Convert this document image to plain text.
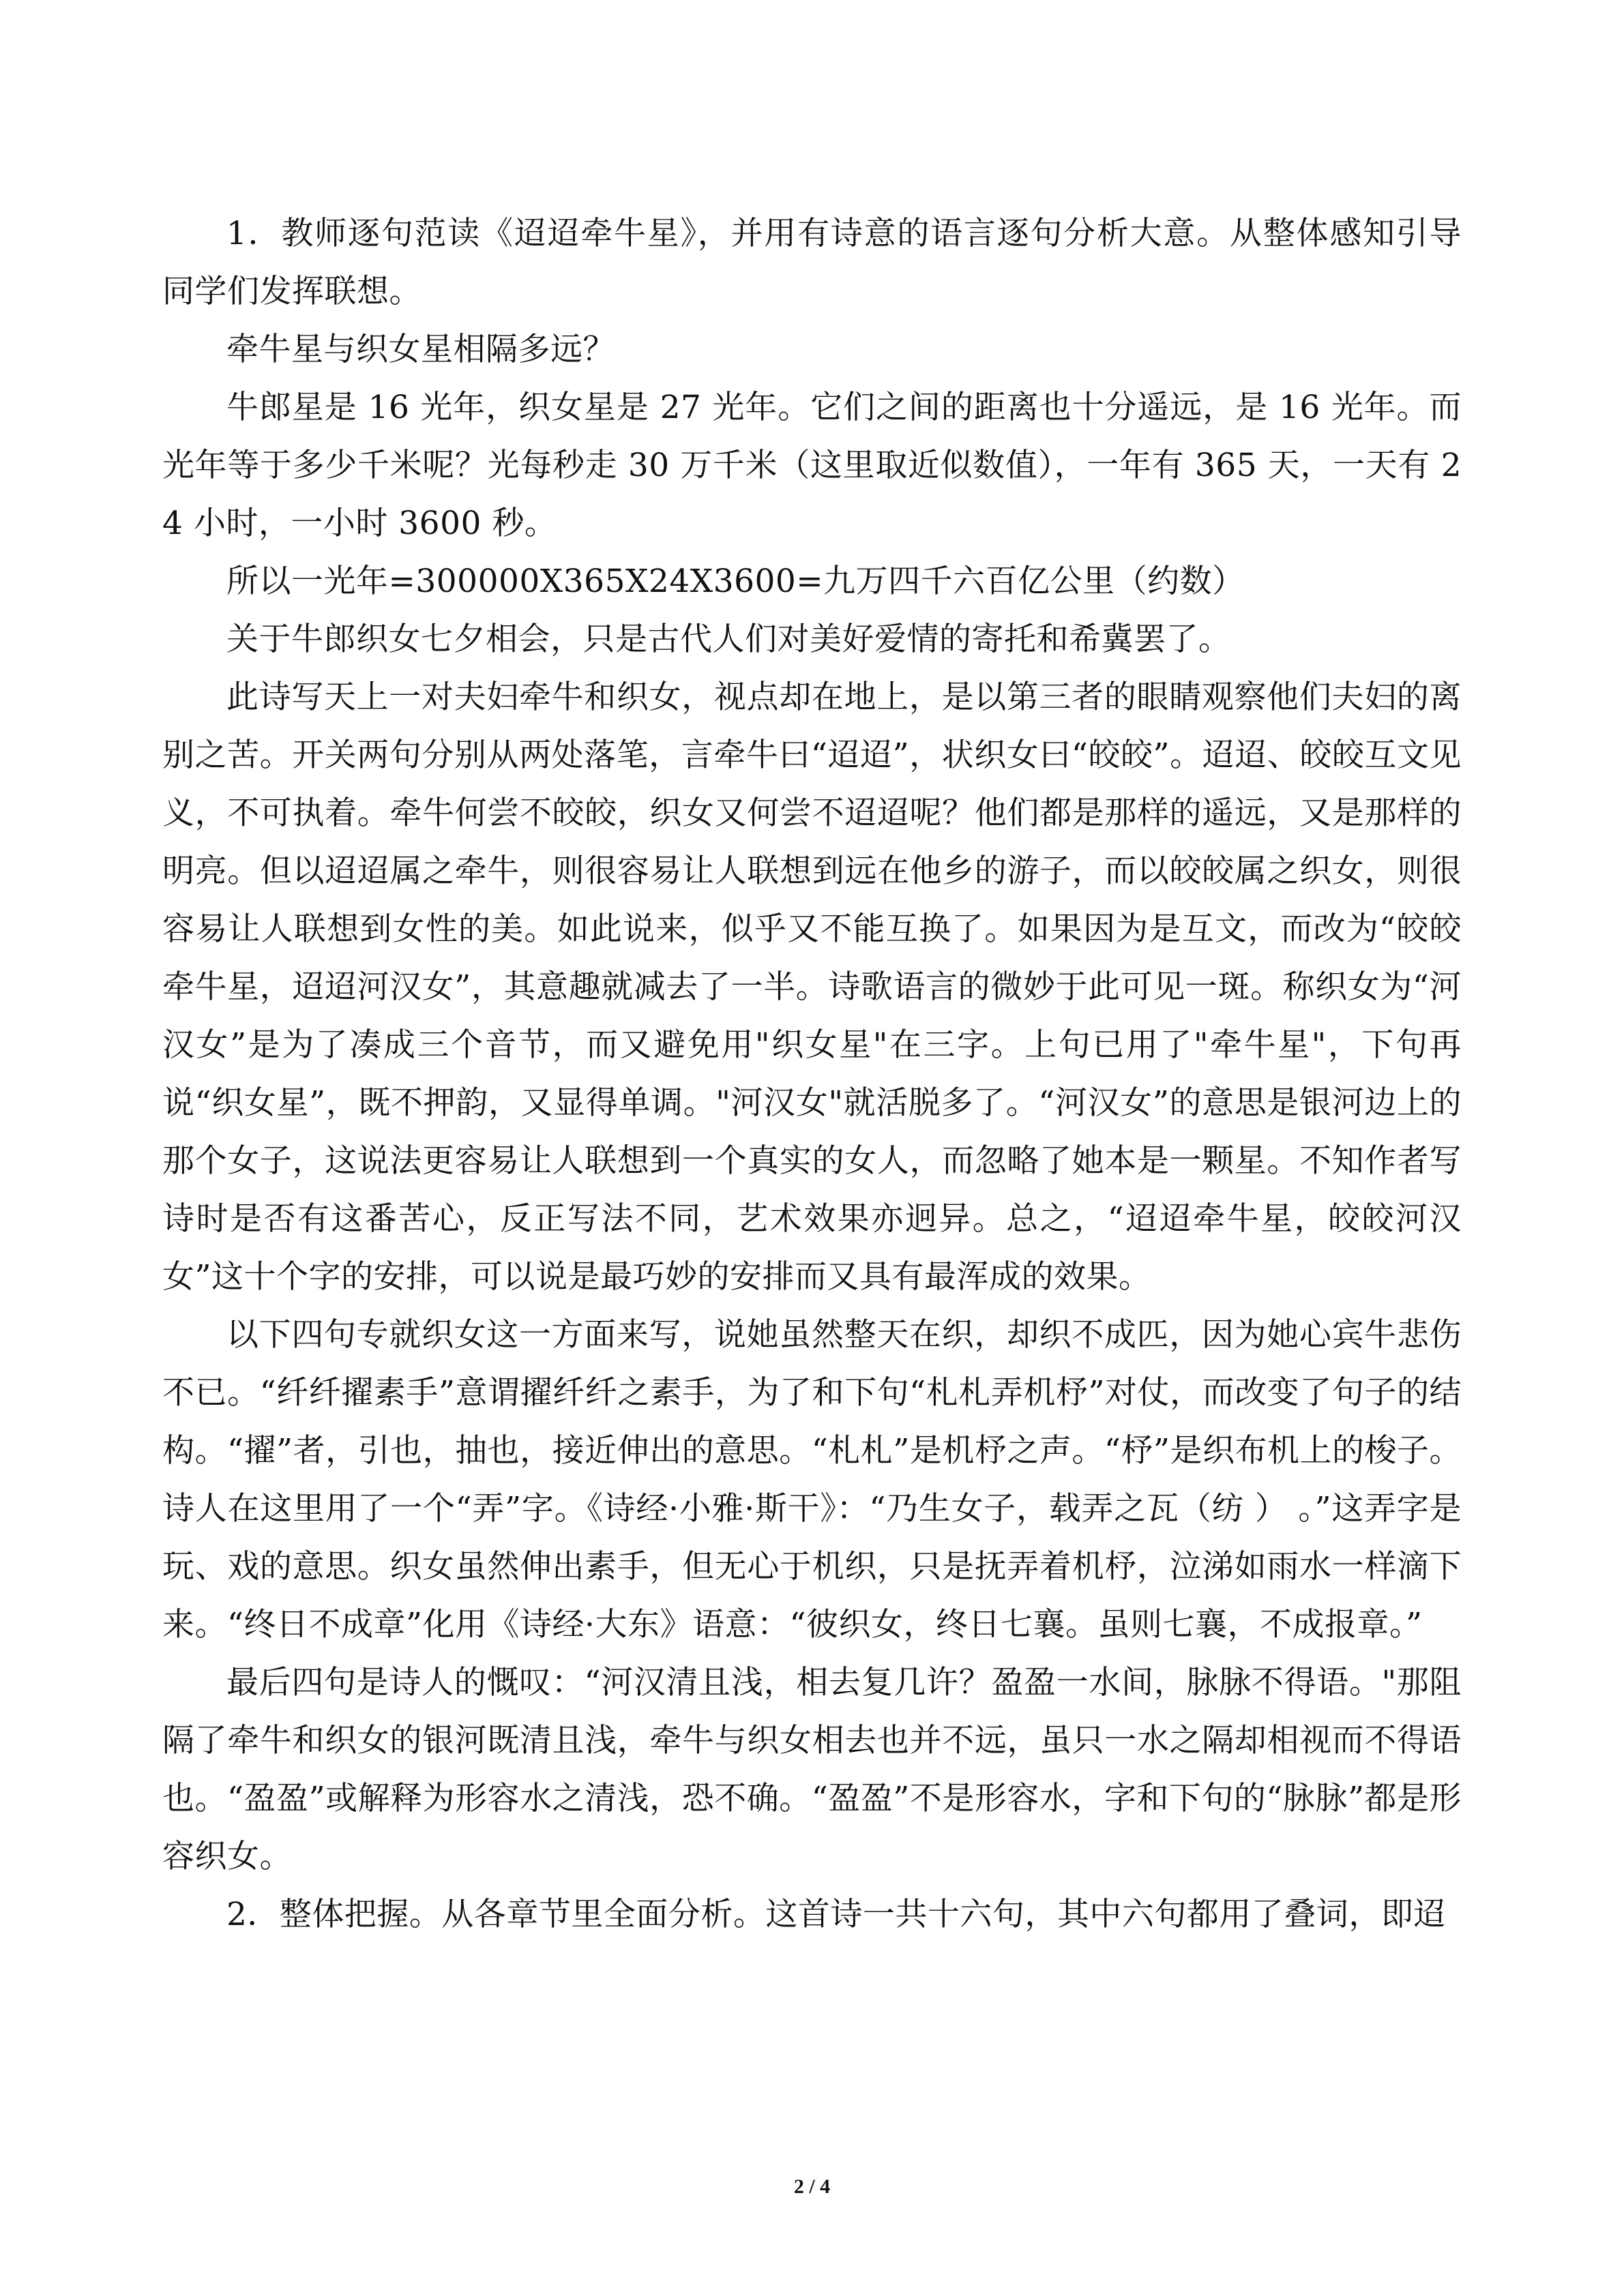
1．教师逐句范读《迢迢牵牛星》，并用有诗意的语言逐句分析大意。从整体感知引导同学们发挥联想。

牵牛星与织女星相隔多远？

牛郎星是 16 光年，织女星是 27 光年。它们之间的距离也十分遥远，是 16 光年。而光年等于多少千米呢？光每秒走 30 万千米（这里取近似数值），一年有 365 天，一天有 24 小时，一小时 3600 秒。

所以一光年=300000X365X24X3600=九万四千六百亿公里（约数）

关于牛郎织女七夕相会，只是古代人们对美好爱情的寄托和希冀罢了。

此诗写天上一对夫妇牵牛和织女，视点却在地上，是以第三者的眼睛观察他们夫妇的离别之苦。开关两句分别从两处落笔，言牵牛曰“迢迢”，状织女曰“皎皎”。迢迢、皎皎互文见义，不可执着。牵牛何尝不皎皎，织女又何尝不迢迢呢？他们都是那样的遥远，又是那样的明亮。但以迢迢属之牵牛，则很容易让人联想到远在他乡的游子，而以皎皎属之织女，则很容易让人联想到女性的美。如此说来，似乎又不能互换了。如果因为是互文，而改为“皎皎牵牛星，迢迢河汉女”，其意趣就减去了一半。诗歌语言的微妙于此可见一斑。称织女为“河汉女”是为了凑成三个音节，而又避免用"织女星"在三字。上句已用了"牵牛星"，下句再说“织女星”，既不押韵，又显得单调。"河汉女"就活脱多了。“河汉女”的意思是银河边上的那个女子，这说法更容易让人联想到一个真实的女人，而忽略了她本是一颗星。不知作者写诗时是否有这番苦心，反正写法不同，艺术效果亦迥异。总之，“迢迢牵牛星，皎皎河汉女”这十个字的安排，可以说是最巧妙的安排而又具有最浑成的效果。

以下四句专就织女这一方面来写，说她虽然整天在织，却织不成匹，因为她心宾牛悲伤不已。“纤纤擢素手”意谓擢纤纤之素手，为了和下句“札札弄机杼”对仗，而改变了句子的结构。“擢”者，引也，抽也，接近伸出的意思。“札札”是机杼之声。“杼”是织布机上的梭子。诗人在这里用了一个“弄”字。《诗经·小雅·斯干》：“乃生女子，载弄之瓦（纺 ） 。”这弄字是玩、戏的意思。织女虽然伸出素手，但无心于机织，只是抚弄着机杼，泣涕如雨水一样滴下来。“终日不成章”化用《诗经·大东》语意：“彼织女，终日七襄。虽则七襄，不成报章。”

最后四句是诗人的慨叹：“河汉清且浅，相去复几许？盈盈一水间，脉脉不得语。"那阻隔了牵牛和织女的银河既清且浅，牵牛与织女相去也并不远，虽只一水之隔却相视而不得语也。“盈盈”或解释为形容水之清浅，恐不确。“盈盈”不是形容水，字和下句的“脉脉”都是形容织女。

2．整体把握。从各章节里全面分析。这首诗一共十六句，其中六句都用了叠词，即迢

2 / 4
